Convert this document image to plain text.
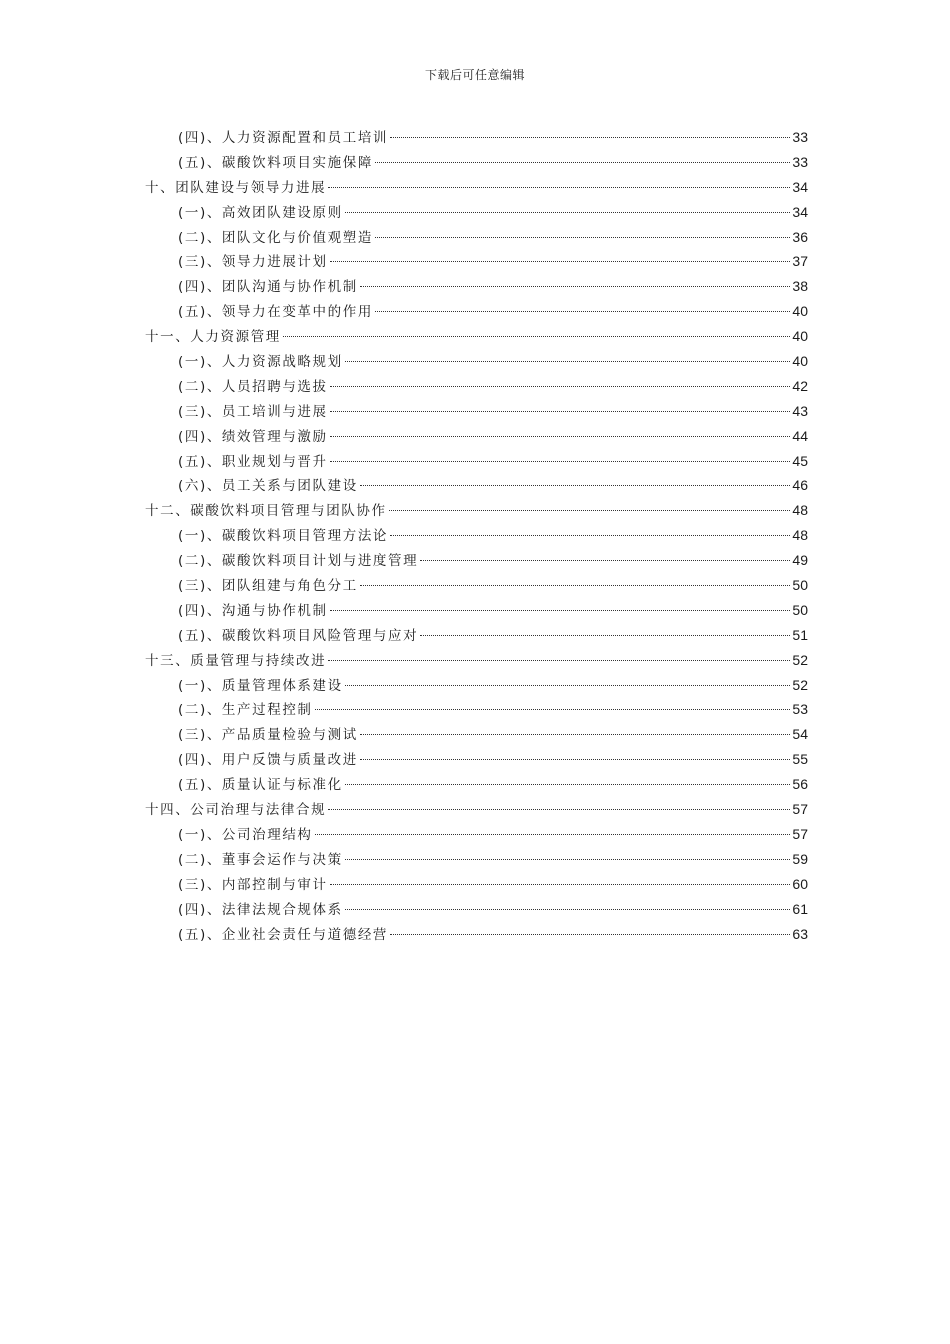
下载后可任意编辑
(四)、人力资源配置和员工培训	33
(五)、碳酸饮料项目实施保障	33
十、团队建设与领导力进展	34
(一)、高效团队建设原则	34
(二)、团队文化与价值观塑造	36
(三)、领导力进展计划	37
(四)、团队沟通与协作机制	38
(五)、领导力在变革中的作用	40
十一、人力资源管理	40
(一)、人力资源战略规划	40
(二)、人员招聘与选拔	42
(三)、员工培训与进展	43
(四)、绩效管理与激励	44
(五)、职业规划与晋升	45
(六)、员工关系与团队建设	46
十二、碳酸饮料项目管理与团队协作	48
(一)、碳酸饮料项目管理方法论	48
(二)、碳酸饮料项目计划与进度管理	49
(三)、团队组建与角色分工	50
(四)、沟通与协作机制	50
(五)、碳酸饮料项目风险管理与应对	51
十三、质量管理与持续改进	52
(一)、质量管理体系建设	52
(二)、生产过程控制	53
(三)、产品质量检验与测试	54
(四)、用户反馈与质量改进	55
(五)、质量认证与标准化	56
十四、公司治理与法律合规	57
(一)、公司治理结构	57
(二)、董事会运作与决策	59
(三)、内部控制与审计	60
(四)、法律法规合规体系	61
(五)、企业社会责任与道德经营	63
